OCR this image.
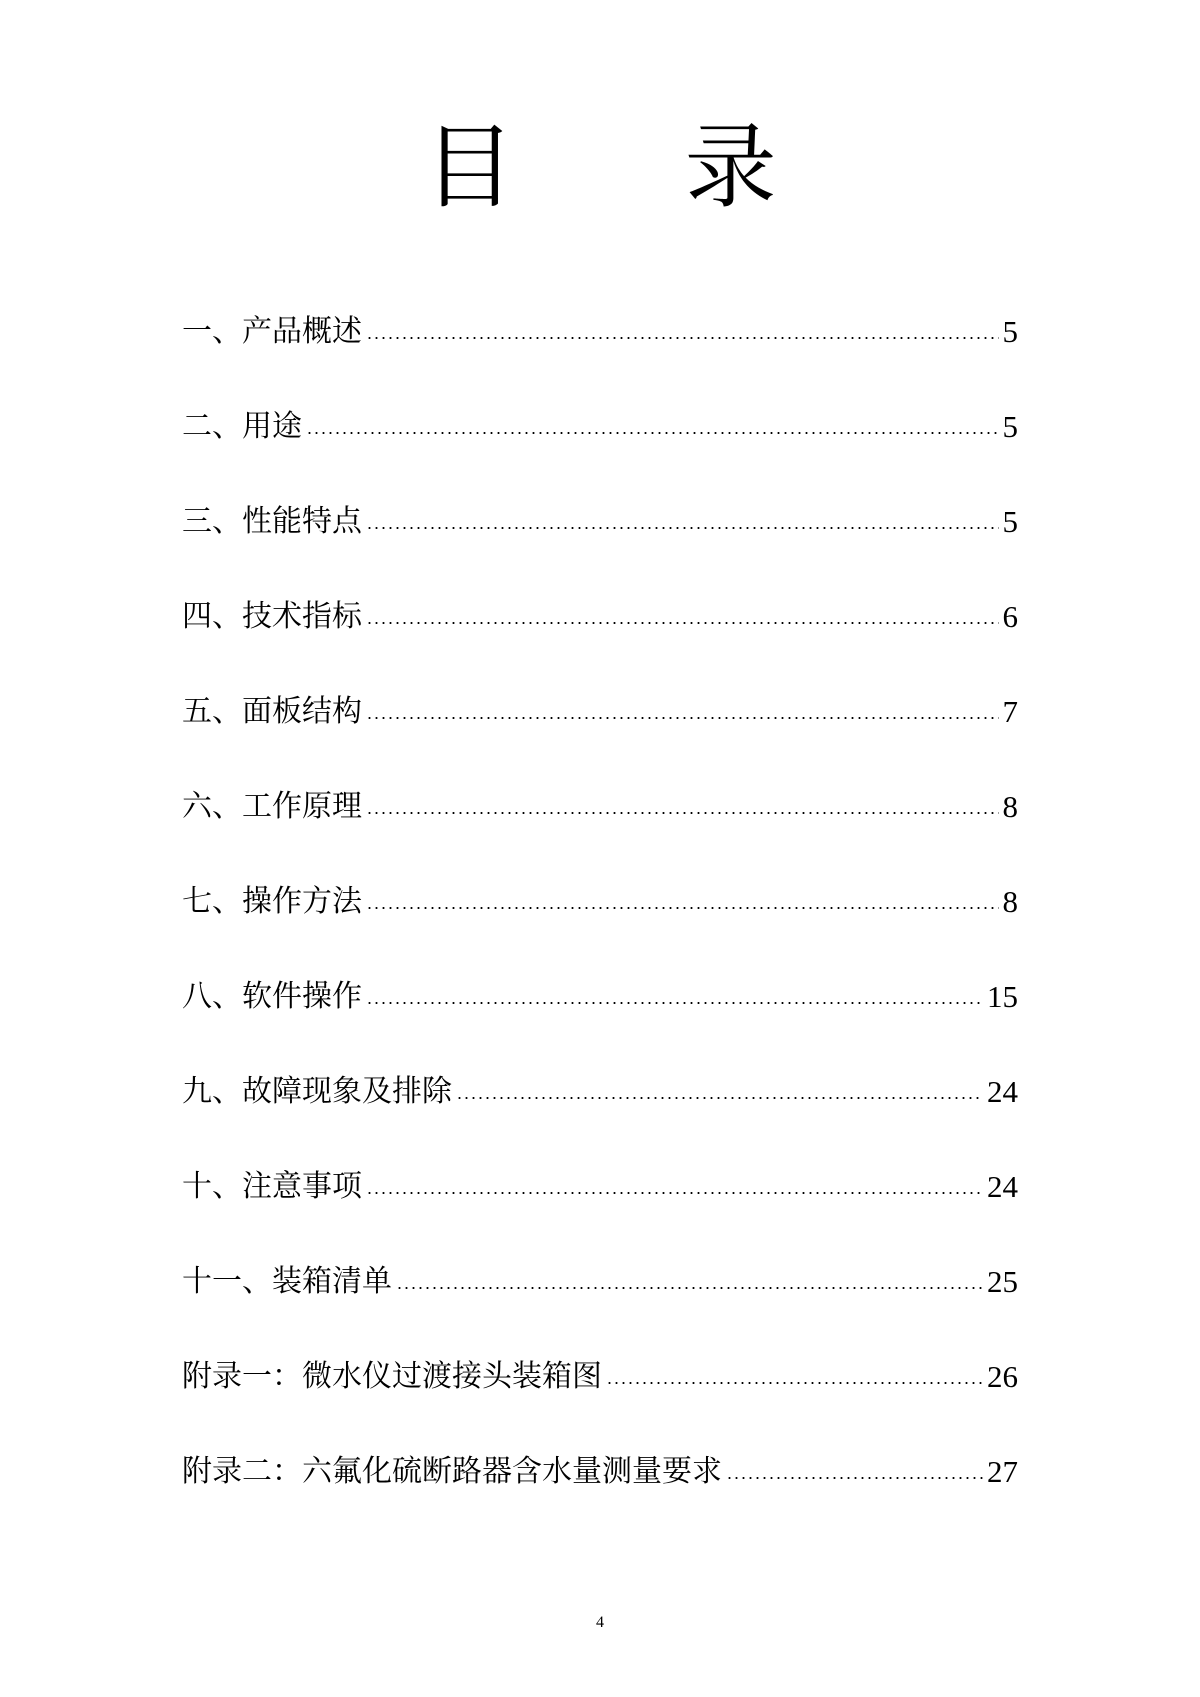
目 录
一、产品概述	5
二、用途	5
三、性能特点	5
四、技术指标	6
五、面板结构	7
六、工作原理	8
七、操作方法	8
八、软件操作	15
九、故障现象及排除	24
十、注意事项	24
十一、装箱清单	25
附录一：微水仪过渡接头装箱图	26
附录二：六氟化硫断路器含水量测量要求	27
4
